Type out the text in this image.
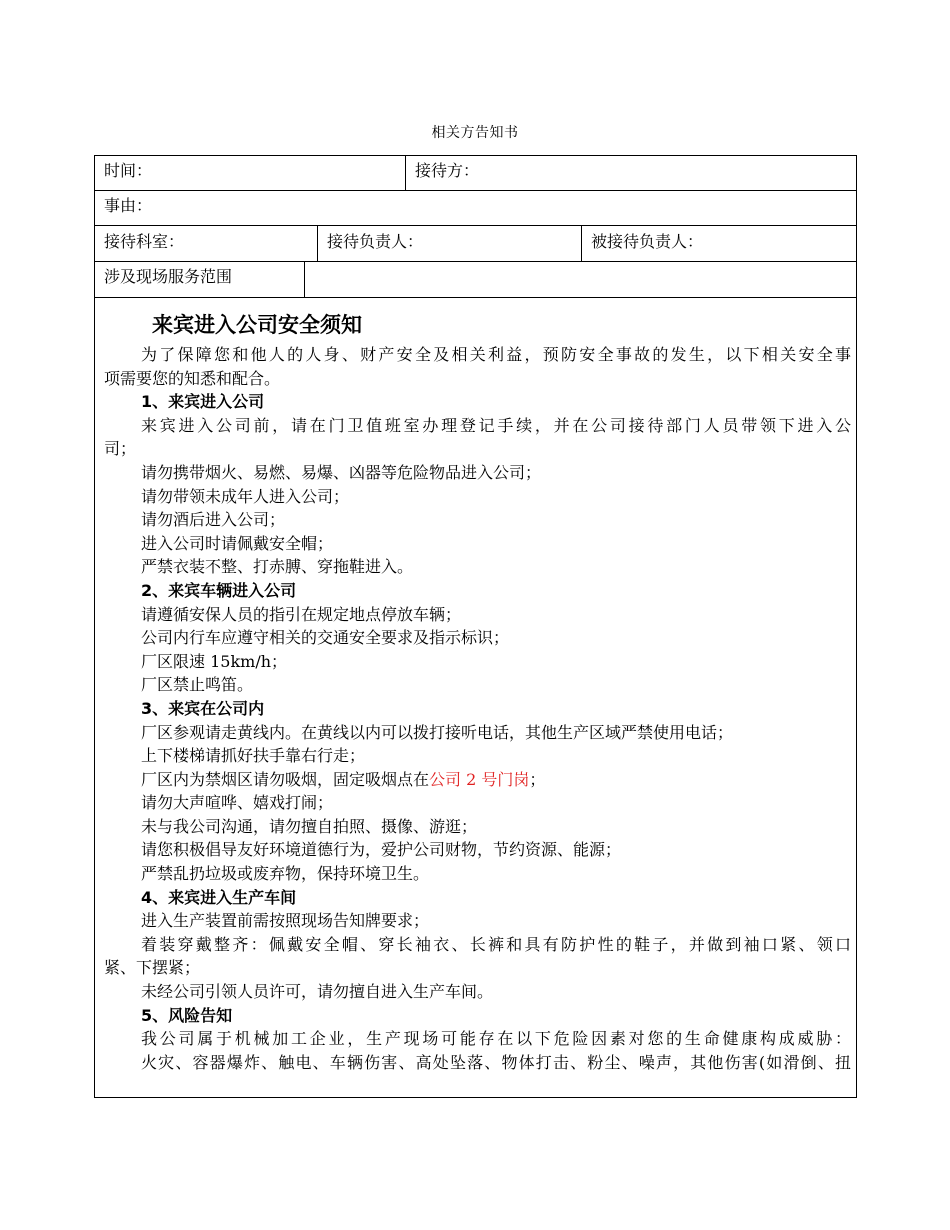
相关方告知书
时间：	接待方：
事由：
接待科室：	接待负责人：	被接待负责人：
涉及现场服务范围
来宾进入公司安全须知
为了保障您和他人的人身、财产安全及相关利益，预防安全事故的发生，以下相关安全事
项需要您的知悉和配合。
1、来宾进入公司
来宾进入公司前，请在门卫值班室办理登记手续，并在公司接待部门人员带领下进入公
司；
请勿携带烟火、易燃、易爆、凶器等危险物品进入公司；
请勿带领未成年人进入公司；
请勿酒后进入公司；
进入公司时请佩戴安全帽；
严禁衣装不整、打赤膊、穿拖鞋进入。
2、来宾车辆进入公司
请遵循安保人员的指引在规定地点停放车辆；
公司内行车应遵守相关的交通安全要求及指示标识；
厂区限速 15km/h；
厂区禁止鸣笛。
3、来宾在公司内
厂区参观请走黄线内。在黄线以内可以拨打接听电话，其他生产区域严禁使用电话；
上下楼梯请抓好扶手靠右行走；
厂区内为禁烟区请勿吸烟，固定吸烟点在公司 2 号门岗；
请勿大声喧哗、嬉戏打闹；
未与我公司沟通，请勿擅自拍照、摄像、游逛；
请您积极倡导友好环境道德行为，爱护公司财物，节约资源、能源；
严禁乱扔垃圾或废弃物，保持环境卫生。
4、来宾进入生产车间
进入生产装置前需按照现场告知牌要求；
着装穿戴整齐：佩戴安全帽、穿长袖衣、长裤和具有防护性的鞋子，并做到袖口紧、领口
紧、下摆紧；
未经公司引领人员许可，请勿擅自进入生产车间。
5、风险告知
我公司属于机械加工企业，生产现场可能存在以下危险因素对您的生命健康构成威胁：
火灾、容器爆炸、触电、车辆伤害、高处坠落、物体打击、粉尘、噪声，其他伤害(如滑倒、扭
